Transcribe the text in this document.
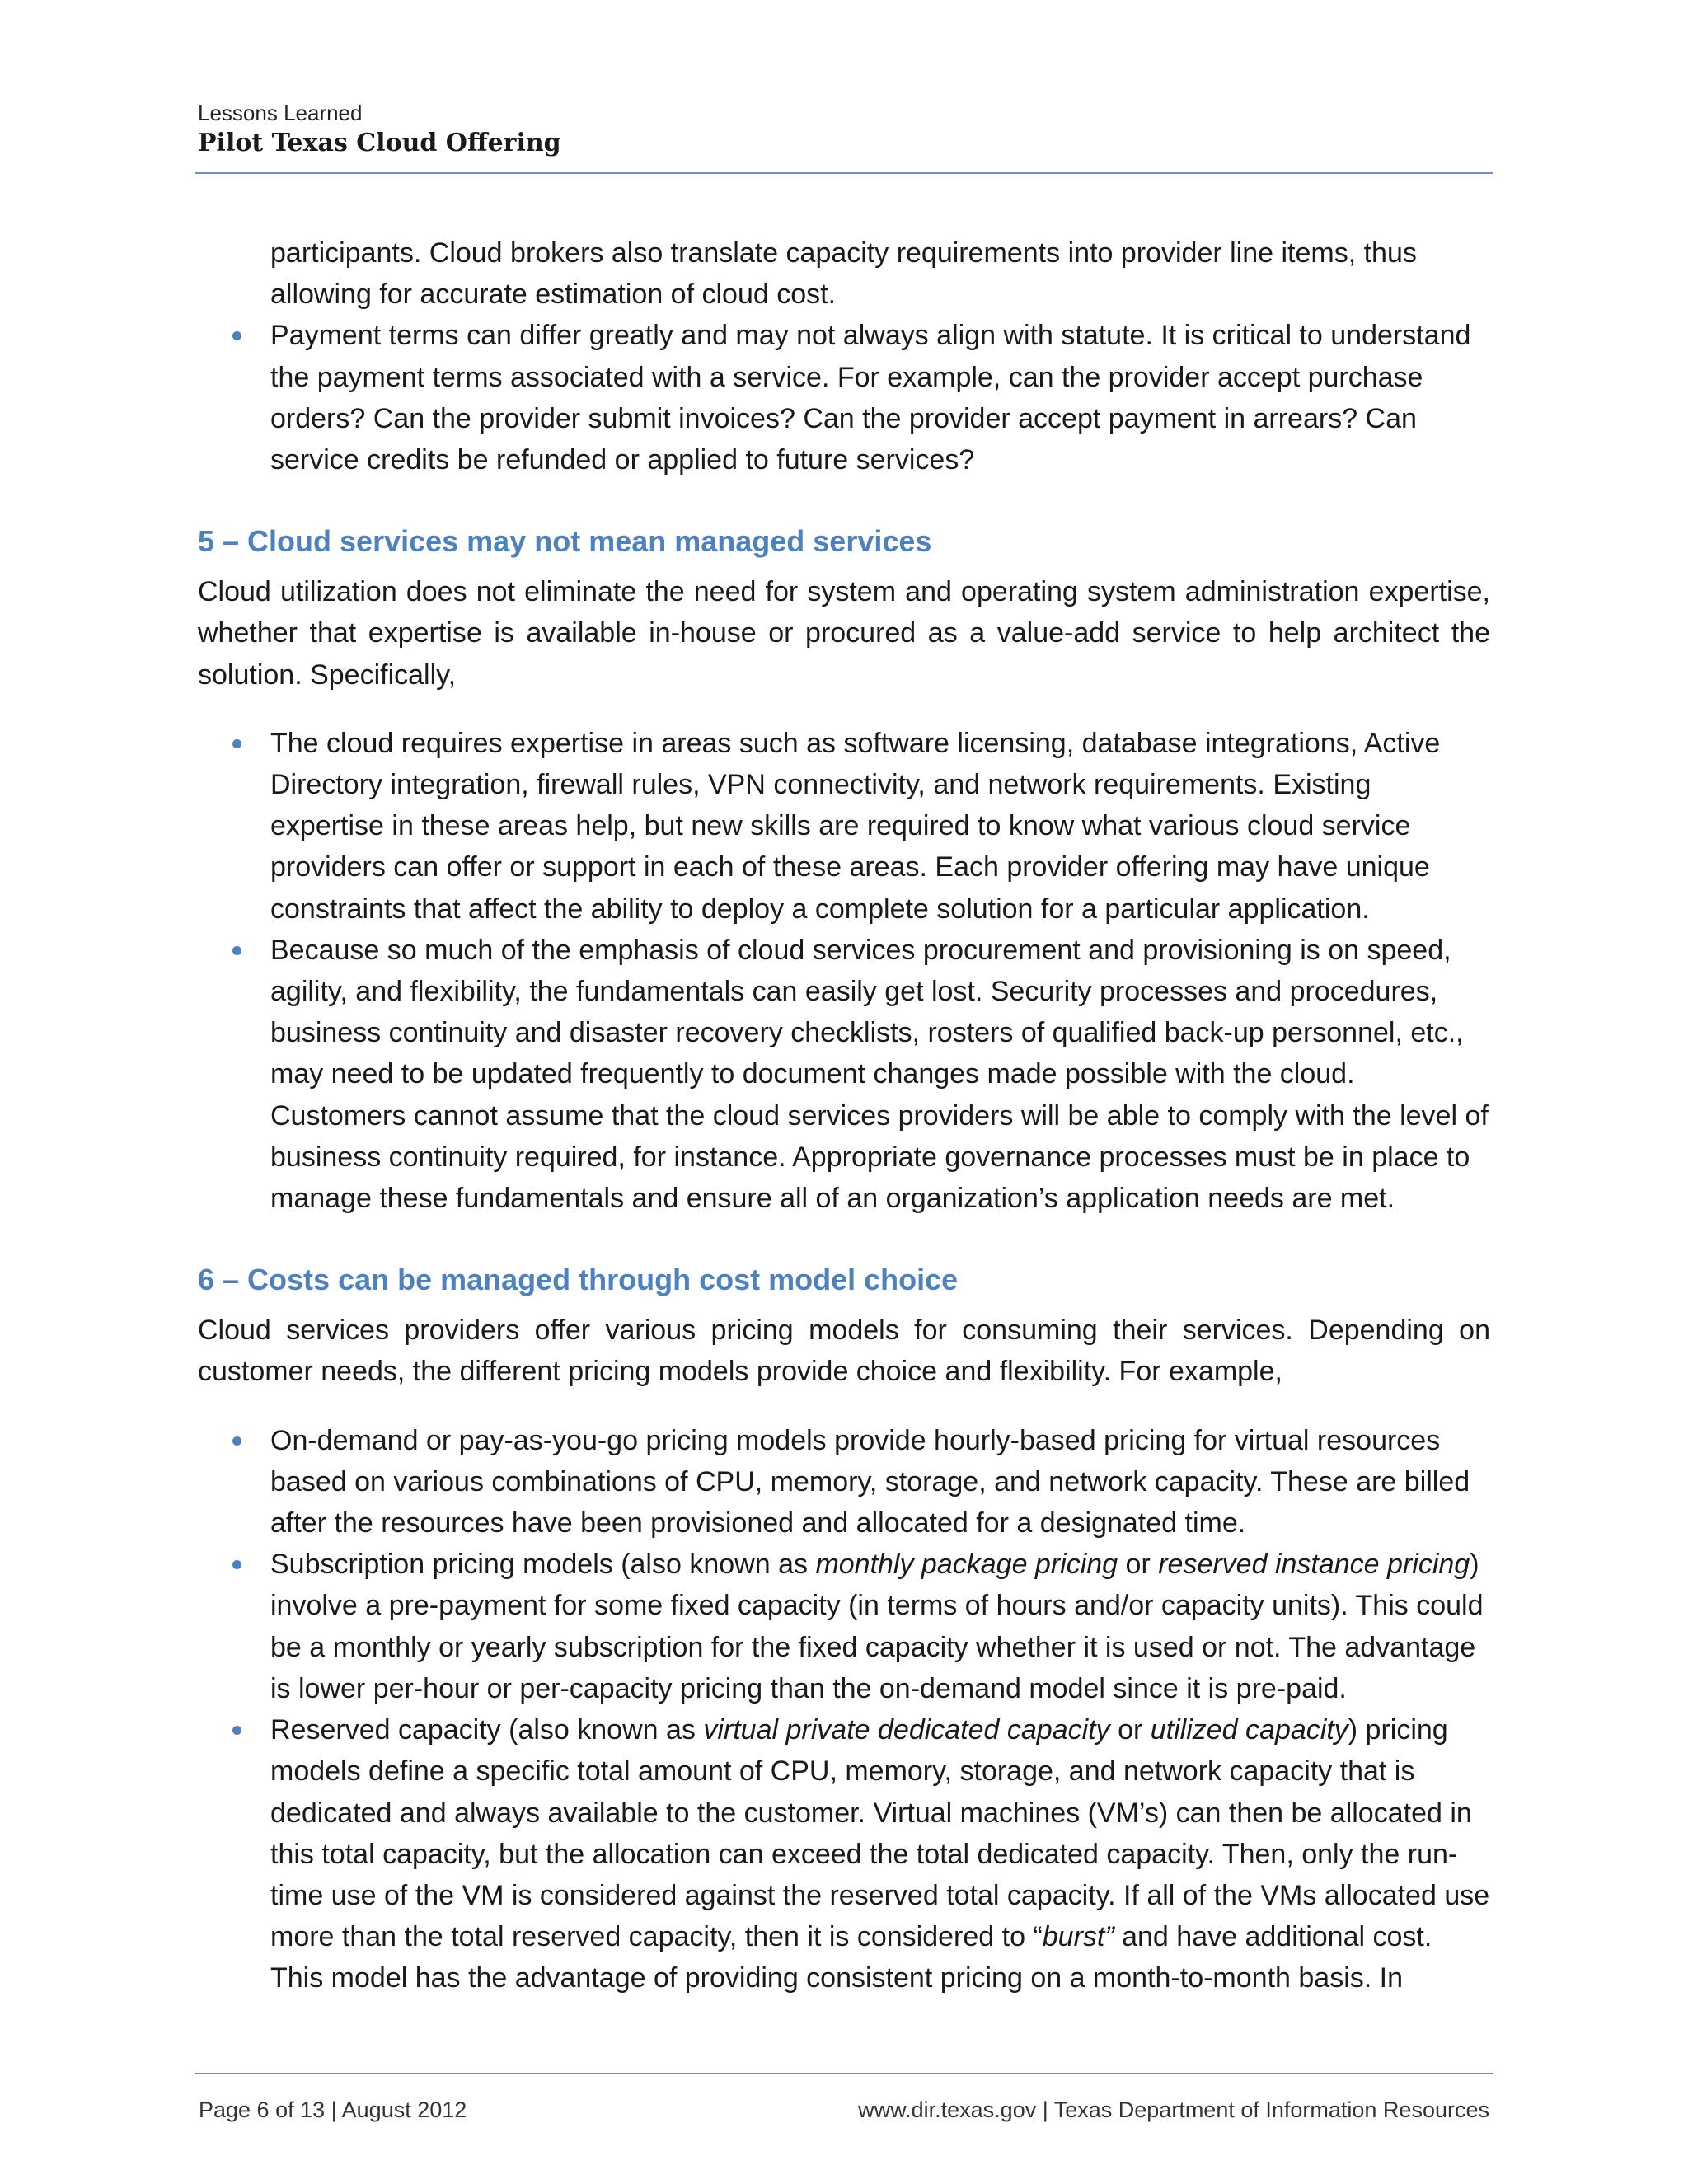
Lessons Learned
Pilot Texas Cloud Offering

participants. Cloud brokers also translate capacity requirements into provider line items, thus allowing for accurate estimation of cloud cost.

Payment terms can differ greatly and may not always align with statute. It is critical to understand the payment terms associated with a service. For example, can the provider accept purchase orders? Can the provider submit invoices? Can the provider accept payment in arrears? Can service credits be refunded or applied to future services?
5 – Cloud services may not mean managed services

Cloud utilization does not eliminate the need for system and operating system administration expertise, whether that expertise is available in-house or procured as a value-add service to help architect the solution. Specifically,

The cloud requires expertise in areas such as software licensing, database integrations, Active Directory integration, firewall rules, VPN connectivity, and network requirements. Existing expertise in these areas help, but new skills are required to know what various cloud service providers can offer or support in each of these areas. Each provider offering may have unique constraints that affect the ability to deploy a complete solution for a particular application.
Because so much of the emphasis of cloud services procurement and provisioning is on speed, agility, and flexibility, the fundamentals can easily get lost. Security processes and procedures, business continuity and disaster recovery checklists, rosters of qualified back-up personnel, etc., may need to be updated frequently to document changes made possible with the cloud. Customers cannot assume that the cloud services providers will be able to comply with the level of business continuity required, for instance. Appropriate governance processes must be in place to manage these fundamentals and ensure all of an organization’s application needs are met.
6 – Costs can be managed through cost model choice

Cloud services providers offer various pricing models for consuming their services. Depending on customer needs, the different pricing models provide choice and flexibility. For example,

On-demand or pay-as-you-go pricing models provide hourly-based pricing for virtual resources based on various combinations of CPU, memory, storage, and network capacity. These are billed after the resources have been provisioned and allocated for a designated time.
Subscription pricing models (also known as monthly package pricing or reserved instance pricing) involve a pre-payment for some fixed capacity (in terms of hours and/or capacity units). This could be a monthly or yearly subscription for the fixed capacity whether it is used or not. The advantage is lower per-hour or per-capacity pricing than the on-demand model since it is pre-paid.
Reserved capacity (also known as virtual private dedicated capacity or utilized capacity) pricing models define a specific total amount of CPU, memory, storage, and network capacity that is dedicated and always available to the customer. Virtual machines (VM’s) can then be allocated in this total capacity, but the allocation can exceed the total dedicated capacity. Then, only the run-time use of the VM is considered against the reserved total capacity. If all of the VMs allocated use more than the total reserved capacity, then it is considered to “burst” and have additional cost. This model has the advantage of providing consistent pricing on a month-to-month basis. In
Page 6 of 13 | August 2012	www.dir.texas.gov | Texas Department of Information Resources
